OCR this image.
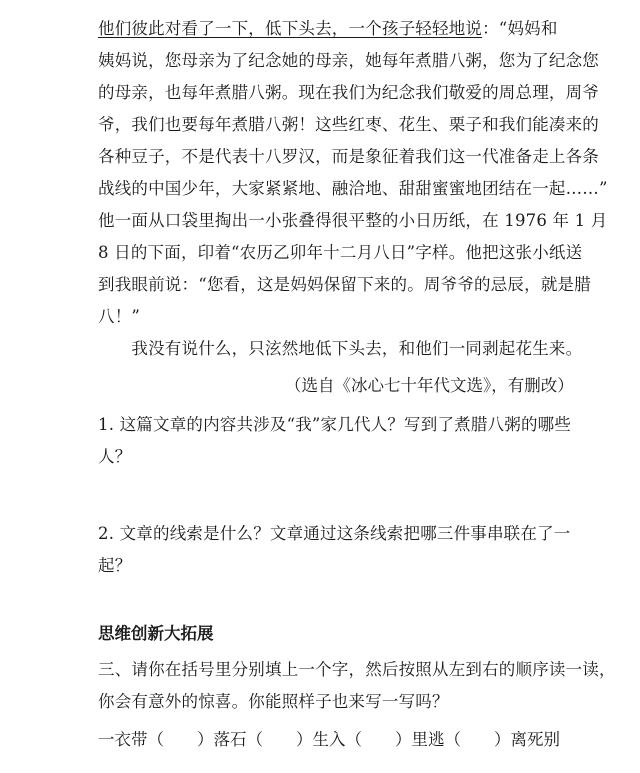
他们彼此对看了一下，低下头去，一个孩子轻轻地说：“妈妈和
姨妈说，您母亲为了纪念她的母亲，她每年煮腊八粥，您为了纪念您
的母亲，也每年煮腊八粥。现在我们为纪念我们敬爱的周总理，周爷
爷，我们也要每年煮腊八粥！这些红枣、花生、栗子和我们能凑来的
各种豆子，不是代表十八罗汉，而是象征着我们这一代准备走上各条
战线的中国少年，大家紧紧地、融洽地、甜甜蜜蜜地团结在一起……”
他一面从口袋里掏出一小张叠得很平整的小日历纸，在 1976 年 1 月
8 日的下面，印着“农历乙卯年十二月八日”字样。他把这张小纸送
到我眼前说：“您看，这是妈妈保留下来的。周爷爷的忌辰，就是腊
八！”
　　我没有说什么，只泫然地低下头去，和他们一同剥起花生来。
（选自《冰心七十年代文选》，有删改）
1. 这篇文章的内容共涉及“我”家几代人？写到了煮腊八粥的哪些
人？
2. 文章的线索是什么？文章通过这条线索把哪三件事串联在了一
起？
思维创新大拓展
三、请你在括号里分别填上一个字，然后按照从左到右的顺序读一读，
你会有意外的惊喜。你能照样子也来写一写吗？
一衣带（　　）落石（　　）生入（　　）里逃（　　）离死别
